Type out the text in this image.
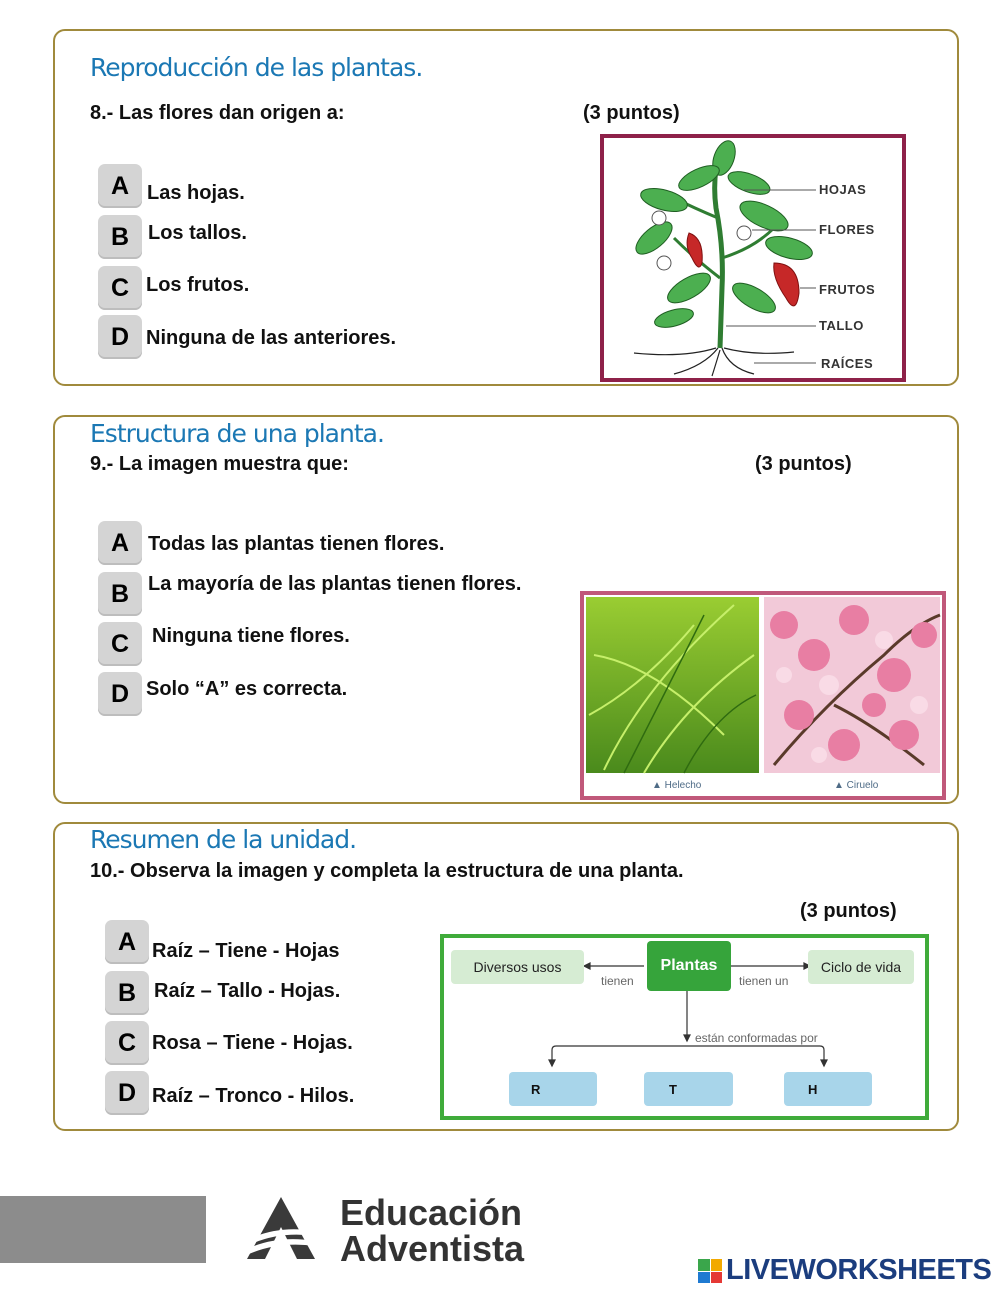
Reproducción de las plantas.
8.- Las flores dan origen a:	(3 puntos)
A Las hojas.
B Los tallos.
C Los frutos.
D Ninguna de las anteriores.
HOJAS
FLORES
FRUTOS
TALLO
RAÍCES
Estructura de una planta.
9.- La imagen muestra que:	(3 puntos)
A Todas las plantas tienen flores.
B La mayoría de las plantas tienen flores.
C	Ninguna tiene flores.
D Solo “A” es correcta.
▲ Helecho	▲ Ciruelo
Resumen de la unidad.
10.- Observa la imagen y completa la estructura de una planta.
(3 puntos)
A Raíz – Tiene - Hojas
B Raíz – Tallo - Hojas.
C Rosa – Tiene - Hojas.
D Raíz – Tronco - Hilos.
Diversos usos	Plantas	Ciclo de vida
tienen	tienen un
están conformadas por
R	T	H
Educación
Adventista
LIVEWORKSHEETS
